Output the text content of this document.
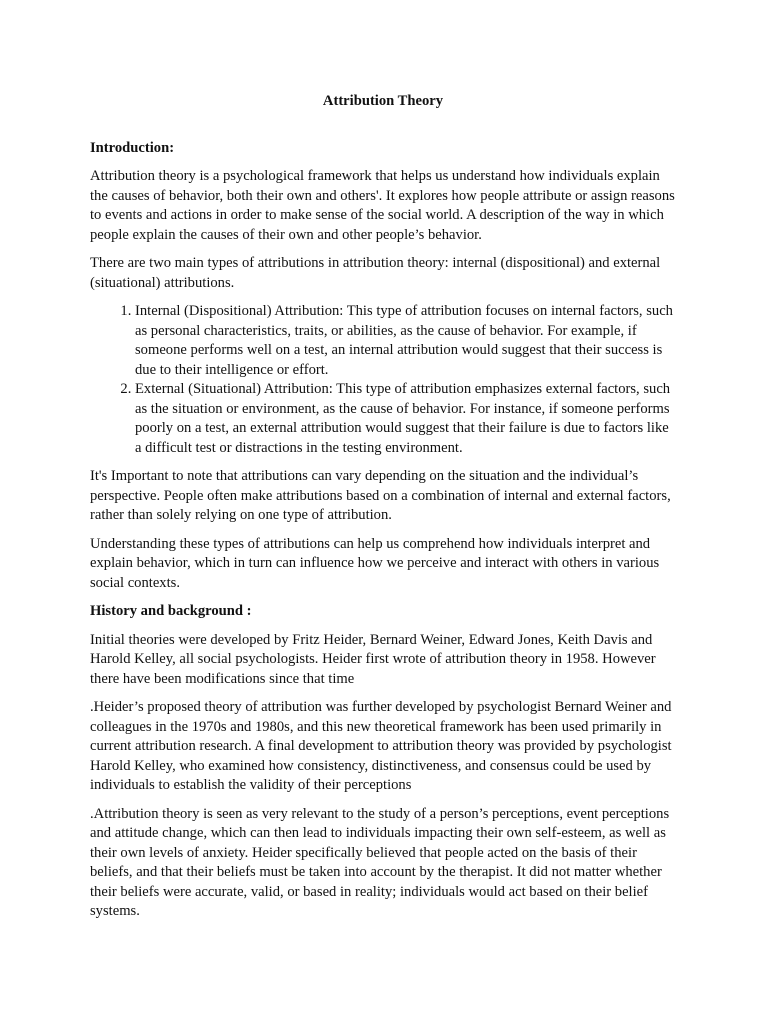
Attribution Theory
Introduction:

Attribution theory is a psychological framework that helps us understand how individuals explain the causes of behavior, both their own and others'. It explores how people attribute or assign reasons to events and actions in order to make sense of the social world. A description of the way in which people explain the causes of their own and other people’s behavior.

There are two main types of attributions in attribution theory: internal (dispositional) and external (situational) attributions.

1. Internal (Dispositional) Attribution: This type of attribution focuses on internal factors, such as personal characteristics, traits, or abilities, as the cause of behavior. For example, if someone performs well on a test, an internal attribution would suggest that their success is due to their intelligence or effort.
2. External (Situational) Attribution: This type of attribution emphasizes external factors, such as the situation or environment, as the cause of behavior. For instance, if someone performs poorly on a test, an external attribution would suggest that their failure is due to factors like a difficult test or distractions in the testing environment.

It's Important to note that attributions can vary depending on the situation and the individual’s perspective. People often make attributions based on a combination of internal and external factors, rather than solely relying on one type of attribution.

Understanding these types of attributions can help us comprehend how individuals interpret and explain behavior, which in turn can influence how we perceive and interact with others in various social contexts.

History and background :

Initial theories were developed by Fritz Heider, Bernard Weiner, Edward Jones, Keith Davis and Harold Kelley, all social psychologists. Heider first wrote of attribution theory in 1958. However there have been modifications since that time

.Heider’s proposed theory of attribution was further developed by psychologist Bernard Weiner and colleagues in the 1970s and 1980s, and this new theoretical framework has been used primarily in current attribution research. A final development to attribution theory was provided by psychologist Harold Kelley, who examined how consistency, distinctiveness, and consensus could be used by individuals to establish the validity of their perceptions

.Attribution theory is seen as very relevant to the study of a person’s perceptions, event perceptions and attitude change, which can then lead to individuals impacting their own self-esteem, as well as their own levels of anxiety. Heider specifically believed that people acted on the basis of their beliefs, and that their beliefs must be taken into account by the therapist. It did not matter whether their beliefs were accurate, valid, or based in reality; individuals would act based on their belief systems.
